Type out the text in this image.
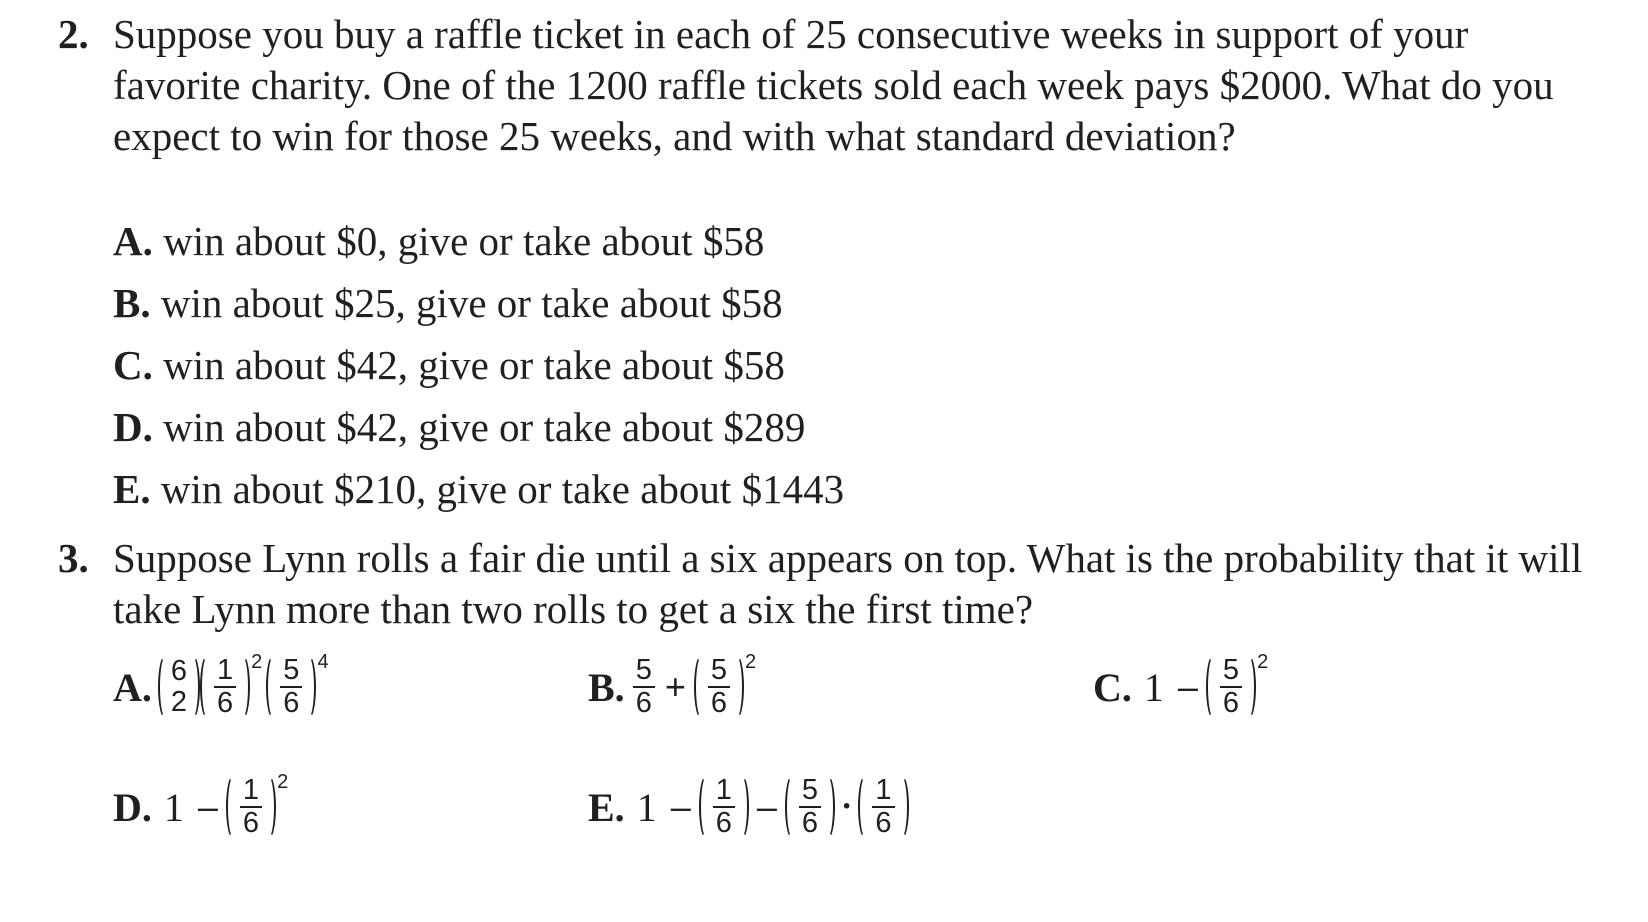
2. Suppose you buy a raffle ticket in each of 25 consecutive weeks in support of your favorite charity. One of the 1200 raffle tickets sold each week pays $2000. What do you expect to win for those 25 weeks, and with what standard deviation?

A. win about $0, give or take about $58
B. win about $25, give or take about $58
C. win about $42, give or take about $58
D. win about $42, give or take about $289
E. win about $210, give or take about $1443
3. Suppose Lynn rolls a fair die until a six appears on top. What is the probability that it will take Lynn more than two rolls to get a six the first time?

A. 6
$2 \frac{1}{6} 2 \frac{5}{6} 4$
B. $\frac{5}{6} + \frac{5}{6} 2$
C. $1 - \frac{5}{6} 2$
D. $1 - \frac{1}{6} 2$
E. $1 - \frac{1}{6} - \frac{5}{6} \cdot \frac{1}{6}$
